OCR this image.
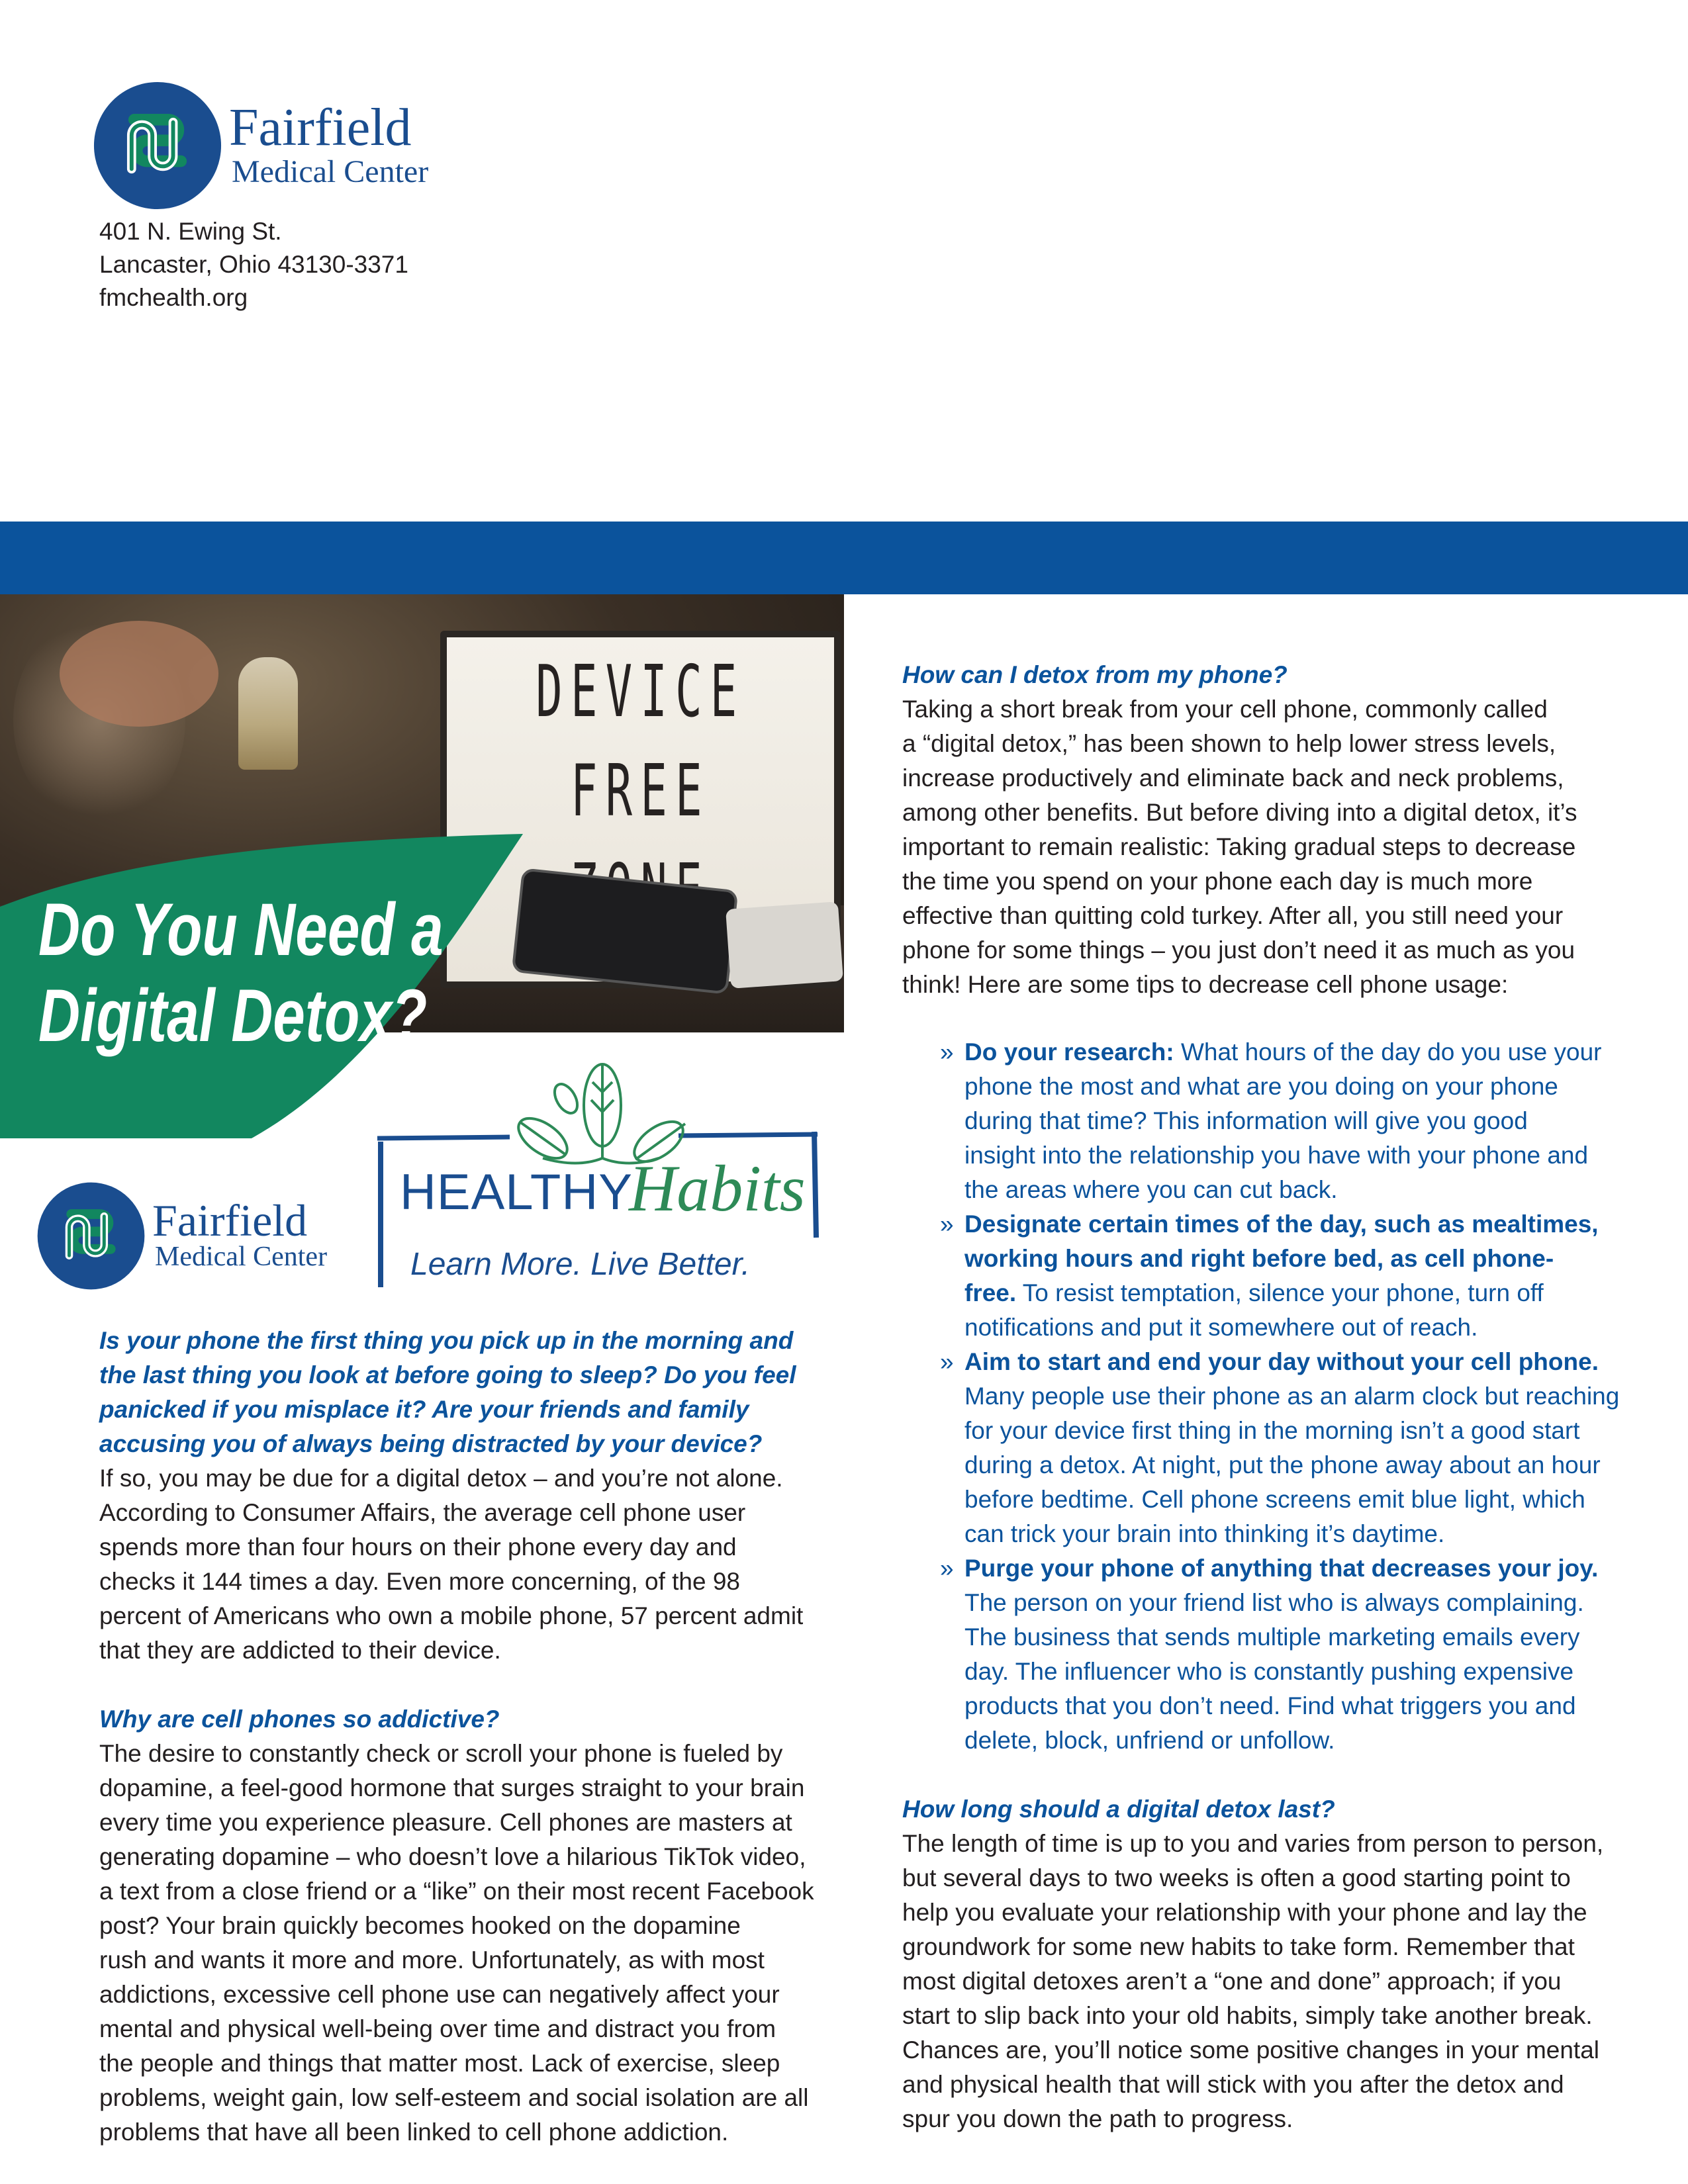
Fairfield
Medical Center
401 N. Ewing St.
Lancaster, Ohio 43130-3371
fmchealth.org
DEVICE
FREE
Do You Need a
Digital Detox?
Fairfield
Medical Center
HEALTHY
Habits
Learn More. Live Better.
Is your phone the first thing you pick up in the morning and
the last thing you look at before going to sleep? Do you feel
panicked if you misplace it? Are your friends and family
accusing you of always being distracted by your device?
If so, you may be due for a digital detox – and you’re not alone.
According to Consumer Affairs, the average cell phone user
spends more than four hours on their phone every day and
checks it 144 times a day. Even more concerning, of the 98
percent of Americans who own a mobile phone, 57 percent admit
that they are addicted to their device.
Why are cell phones so addictive?
The desire to constantly check or scroll your phone is fueled by
dopamine, a feel-good hormone that surges straight to your brain
every time you experience pleasure. Cell phones are masters at
generating dopamine – who doesn’t love a hilarious TikTok video,
a text from a close friend or a “like” on their most recent Facebook
post? Your brain quickly becomes hooked on the dopamine
rush and wants it more and more. Unfortunately, as with most
addictions, excessive cell phone use can negatively affect your
mental and physical well-being over time and distract you from
the people and things that matter most. Lack of exercise, sleep
problems, weight gain, low self-esteem and social isolation are all
problems that have all been linked to cell phone addiction.
How can I detox from my phone?
Taking a short break from your cell phone, commonly called
a “digital detox,” has been shown to help lower stress levels,
increase productively and eliminate back and neck problems,
among other benefits. But before diving into a digital detox, it’s
important to remain realistic: Taking gradual steps to decrease
the time you spend on your phone each day is much more
effective than quitting cold turkey. After all, you still need your
phone for some things – you just don’t need it as much as you
think! Here are some tips to decrease cell phone usage:
» Do your research: What hours of the day do you use your
phone the most and what are you doing on your phone
during that time? This information will give you good
insight into the relationship you have with your phone and
the areas where you can cut back.
» Designate certain times of the day, such as mealtimes,
working hours and right before bed, as cell phone-
free. To resist temptation, silence your phone, turn off
notifications and put it somewhere out of reach.
» Aim to start and end your day without your cell phone.
Many people use their phone as an alarm clock but reaching
for your device first thing in the morning isn’t a good start
during a detox. At night, put the phone away about an hour
before bedtime. Cell phone screens emit blue light, which
can trick your brain into thinking it’s daytime.
» Purge your phone of anything that decreases your joy.
The person on your friend list who is always complaining.
The business that sends multiple marketing emails every
day. The influencer who is constantly pushing expensive
products that you don’t need. Find what triggers you and
delete, block, unfriend or unfollow.
How long should a digital detox last?
The length of time is up to you and varies from person to person,
but several days to two weeks is often a good starting point to
help you evaluate your relationship with your phone and lay the
groundwork for some new habits to take form. Remember that
most digital detoxes aren’t a “one and done” approach; if you
start to slip back into your old habits, simply take another break.
Chances are, you’ll notice some positive changes in your mental
and physical health that will stick with you after the detox and
spur you down the path to progress.
